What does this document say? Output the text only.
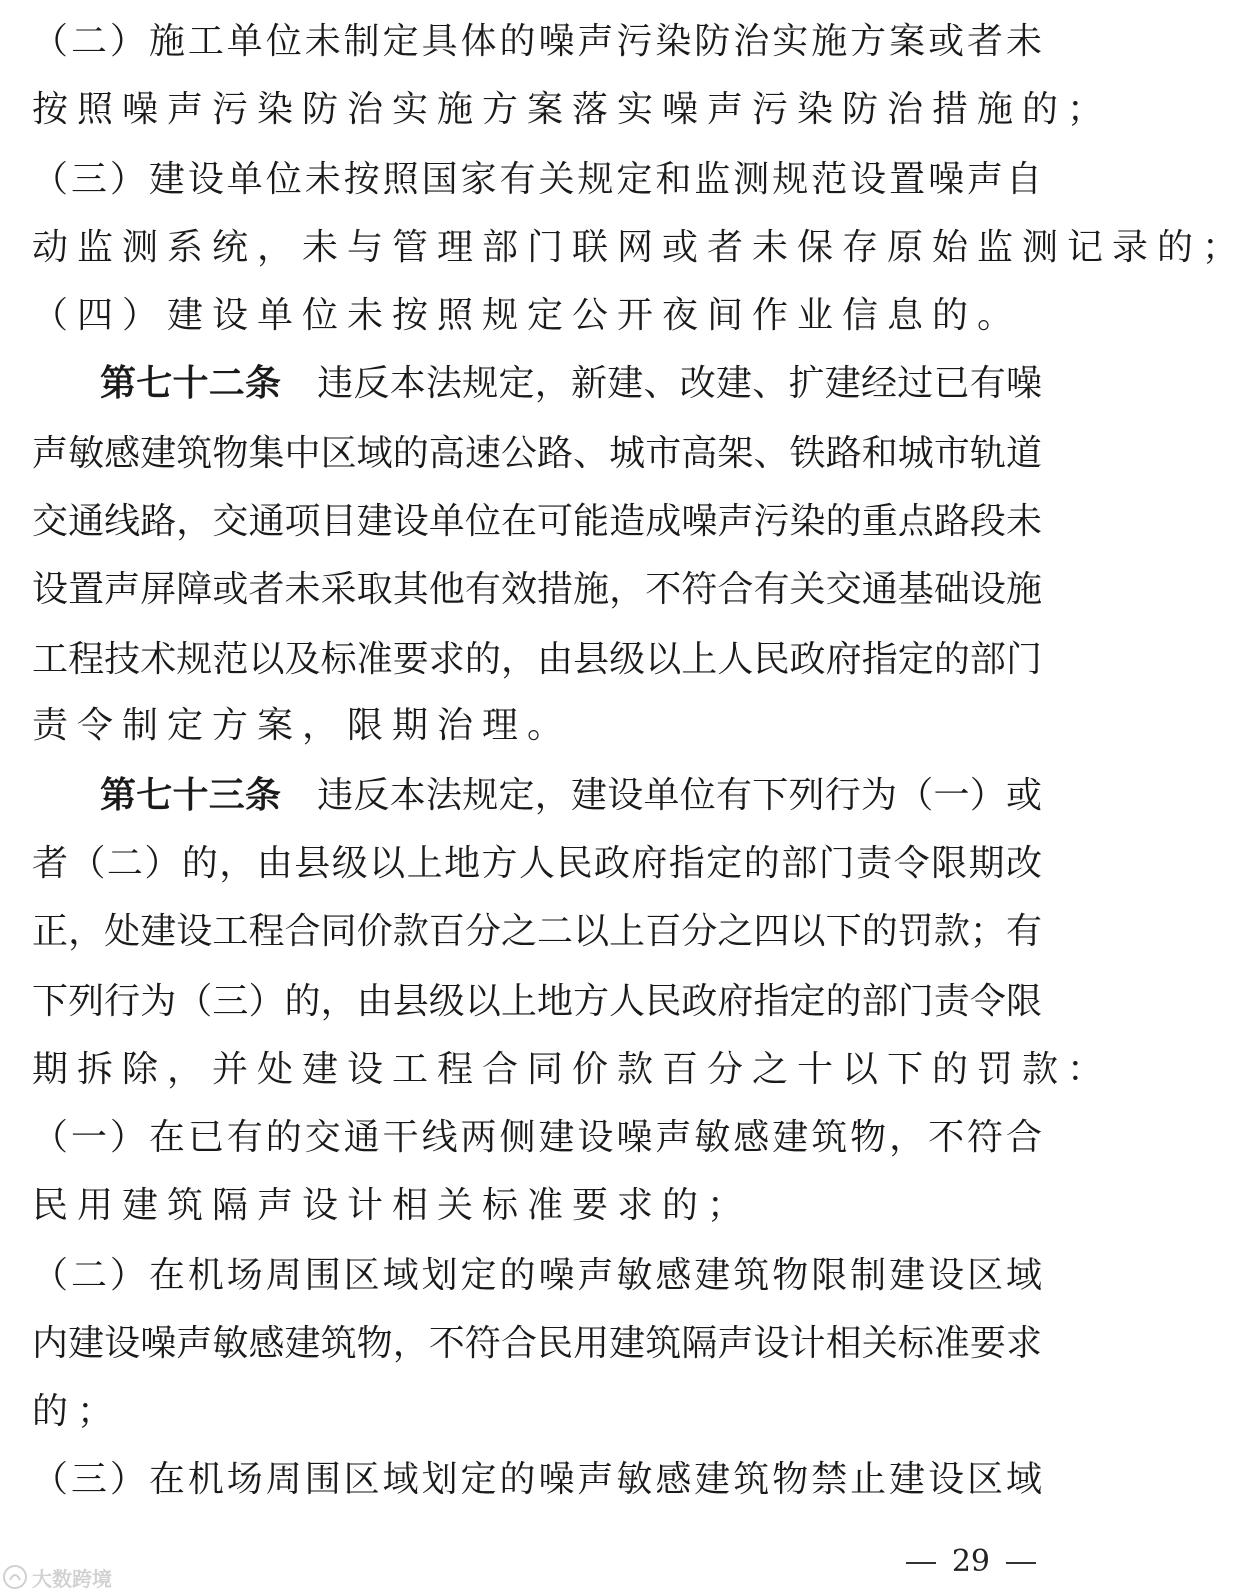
（二）施工单位未制定具体的噪声污染防治实施方案或者未
按照噪声污染防治实施方案落实噪声污染防治措施的；
（三）建设单位未按照国家有关规定和监测规范设置噪声自
动监测系统，未与管理部门联网或者未保存原始监测记录的；
（四）建设单位未按照规定公开夜间作业信息的。
第七十二条 违反本法规定，新建、改建、扩建经过已有噪
声敏感建筑物集中区域的高速公路、城市高架、铁路和城市轨道
交通线路，交通项目建设单位在可能造成噪声污染的重点路段未
设置声屏障或者未采取其他有效措施，不符合有关交通基础设施
工程技术规范以及标准要求的，由县级以上人民政府指定的部门
责令制定方案，限期治理。
第七十三条 违反本法规定，建设单位有下列行为（一）或
者（二）的，由县级以上地方人民政府指定的部门责令限期改
正，处建设工程合同价款百分之二以上百分之四以下的罚款；有
下列行为（三）的，由县级以上地方人民政府指定的部门责令限
期拆除，并处建设工程合同价款百分之十以下的罚款：
（一）在已有的交通干线两侧建设噪声敏感建筑物，不符合
民用建筑隔声设计相关标准要求的；
（二）在机场周围区域划定的噪声敏感建筑物限制建设区域
内建设噪声敏感建筑物，不符合民用建筑隔声设计相关标准要求
的；
（三）在机场周围区域划定的噪声敏感建筑物禁止建设区域
29
大数跨境
